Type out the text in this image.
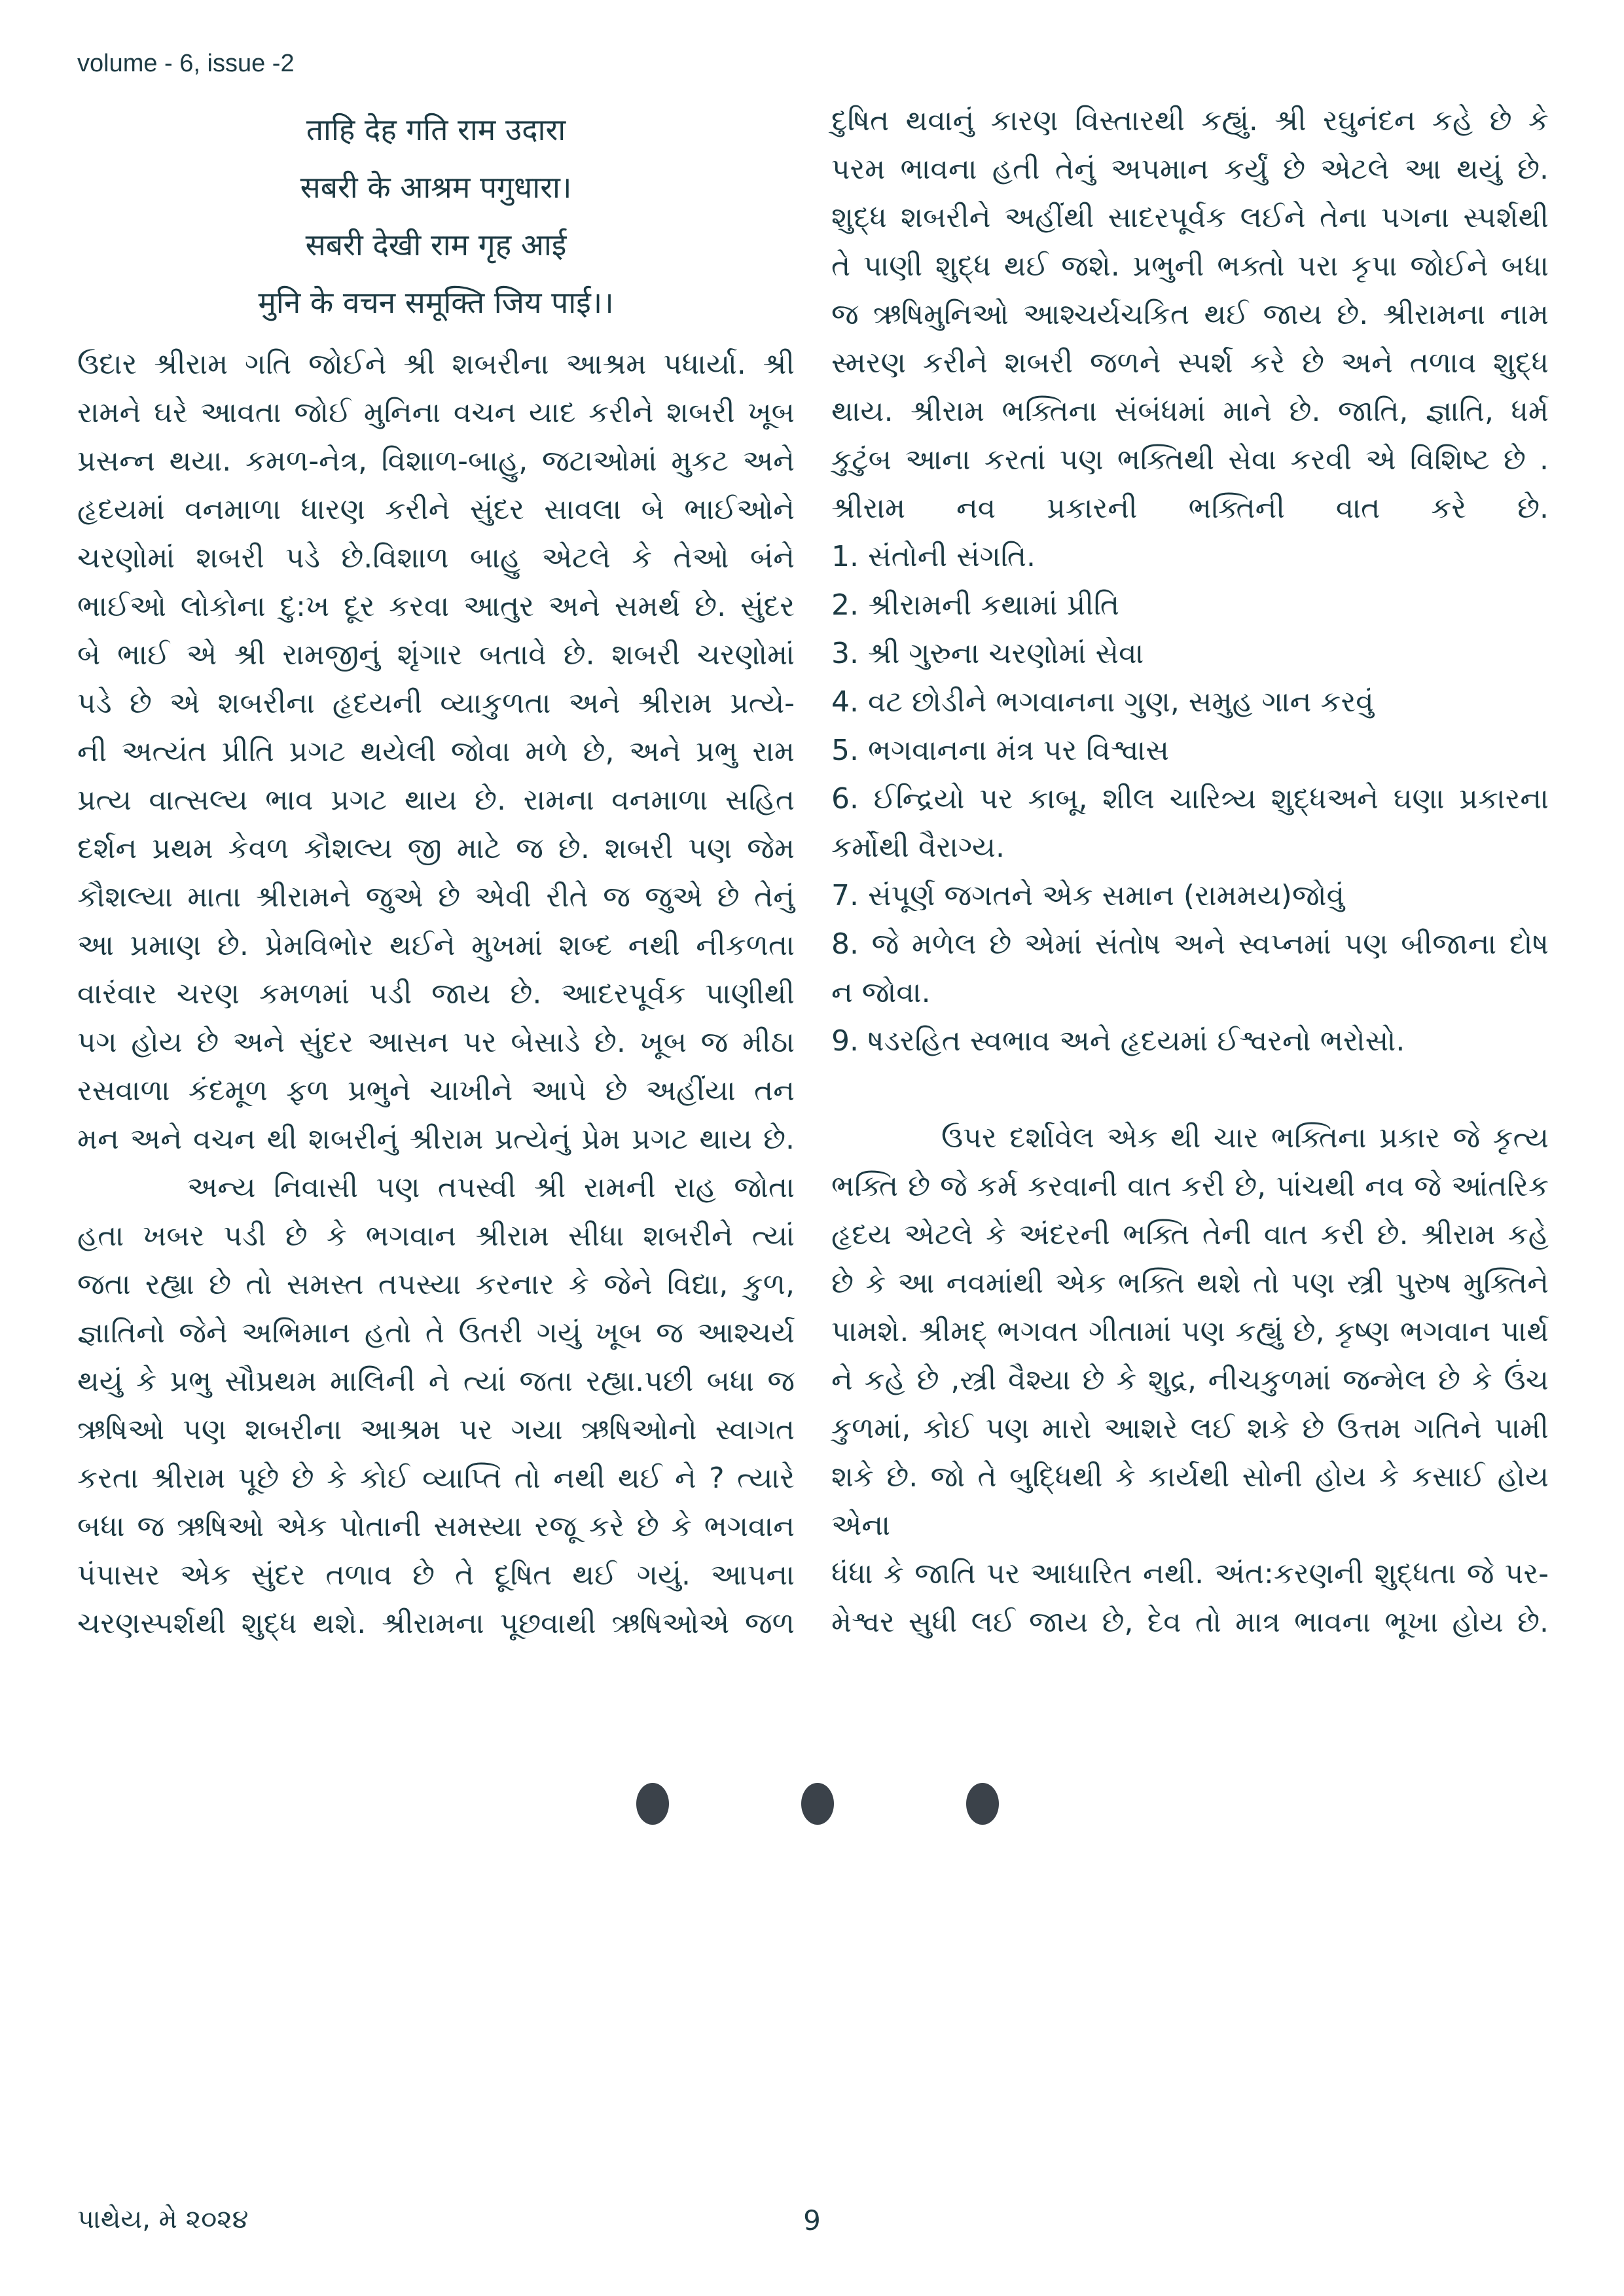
volume - 6, issue -2
ताहि देह गति राम उदारा
सबरी के आश्रम पगुधारा।
सबरी देखी राम गृह आई
मुनि के वचन समूक्ति जिय पाई।।
ઉદાર શ્રીરામ ગતિ જોઈને શ્રી શબરીના આશ્રમ પધાર્યા. શ્રી
રામને ઘરે આવતા જોઈ મુનિના વચન યાદ કરીને શબરી ખૂબ
પ્રસન્ન થયા. કમળ-નેત્ર, વિશાળ-બાહુ, જટાઓમાં મુકટ અને
હૃદયમાં વનમાળા ધારણ કરીને સુંદર સાવલા બે ભાઈઓને
ચરણોમાં શબરી પડે છે.વિશાળ બાહુ એટલે કે તેઓ બંને
ભાઈઓ લોકોના દુ:ખ દૂર કરવા આતુર અને સમર્થ છે. સુંદર
બે ભાઈ એ શ્રી રામજીનું શૃંગાર બતાવે છે. શબરી ચરણોમાં
પડે છે એ શબરીના હૃદયની વ્યાકુળતા અને શ્રીરામ પ્રત્યે-
ની અત્યંત પ્રીતિ પ્રગટ થયેલી જોવા મળે છે, અને પ્રભુ રામ
પ્રત્ય વાત્સલ્ય ભાવ પ્રગટ થાય છે. રામના વનમાળા સહિત
દર્શન પ્રથમ કેવળ કૌશલ્ય જી માટે જ છે. શબરી પણ જેમ
કૌશલ્યા માતા શ્રીરામને જુએ છે એવી રીતે જ જુએ છે તેનું
આ પ્રમાણ છે. પ્રેમવિભોર થઈને મુખમાં શબ્દ નથી નીકળતા
વારંવાર ચરણ કમળમાં પડી જાય છે. આદરપૂર્વક પાણીથી
પગ હોય છે અને સુંદર આસન પર બેસાડે છે. ખૂબ જ મીઠા
રસવાળા કંદમૂળ ફળ પ્રભુને ચાખીને આપે છે અહીંયા તન
મન અને વચન થી શબરીનું શ્રીરામ પ્રત્યેનું પ્રેમ પ્રગટ થાય છે.
અન્ય નિવાસી પણ તપસ્વી શ્રી રામની રાહ જોતા
હતા ખબર પડી છે કે ભગવાન શ્રીરામ સીધા શબરીને ત્યાં
જતા રહ્યા છે તો સમસ્ત તપસ્યા કરનાર કે જેને વિદ્યા, કુળ,
જ્ઞાતિનો જેને અભિમાન હતો તે ઉતરી ગયું ખૂબ જ આશ્ચર્ય
થયું કે પ્રભુ સૌપ્રથમ માલિની ને ત્યાં જતા રહ્યા.પછી બધા જ
ઋષિઓ પણ શબરીના આશ્રમ પર ગયા ઋષિઓનો સ્વાગત
કરતા શ્રીરામ પૂછે છે કે કોઈ વ્યાપ્તિ તો નથી થઈ ને ? ત્યારે
બધા જ ઋષિઓ એક પોતાની સમસ્યા રજૂ કરે છે કે ભગવાન
પંપાસર એક સુંદર તળાવ છે તે દૂષિત થઈ ગયું. આપના
ચરણસ્પર્શથી શુદ્ધ થશે. શ્રીરામના પૂછવાથી ઋષિઓએ જળ
દુષિત થવાનું કારણ વિસ્તારથી કહ્યું. શ્રી રઘુનંદન કહે છે કે
પરમ ભાવના હતી તેનું અપમાન કર્યું છે એટલે આ થયું છે.
શુદ્ધ શબરીને અહીંથી સાદરપૂર્વક લઈને તેના પગના સ્પર્શથી
તે પાણી શુદ્ધ થઈ જશે. પ્રભુની ભક્તો પરા કૃપા જોઈને બધા
જ ઋષિમુનિઓ આશ્ચર્યચકિત થઈ જાય છે. શ્રીરામના નામ
સ્મરણ કરીને શબરી જળને સ્પર્શ કરે છે અને તળાવ શુદ્ધ
થાય. શ્રીરામ ભક્તિના સંબંધમાં માને છે. જાતિ, જ્ઞાતિ, ધર્મ
કુટુંબ આના કરતાં પણ ભક્તિથી સેવા કરવી એ વિશિષ્ટ છે .
શ્રીરામ નવ પ્રકારની ભક્તિની વાત કરે છે.
1. સંતોની સંગતિ.
2. શ્રીરામની કથામાં પ્રીતિ
3. શ્રી ગુરુના ચરણોમાં સેવા
4. વટ છોડીને ભગવાનના ગુણ, સમુહ ગાન કરવું
5. ભગવાનના મંત્ર પર વિશ્વાસ
6. ઈન્દ્રિયો પર કાબૂ, શીલ ચારિત્ર્ય શુદ્ધઅને ઘણા પ્રકારના
કર્મોથી વૈરાગ્ય.
7. સંપૂર્ણ જગતને એક સમાન (રામમય)જોવું
8. જે મળેલ છે એમાં સંતોષ અને સ્વપ્નમાં પણ બીજાના દોષ
ન જોવા.
9. ષડરહિત સ્વભાવ અને હૃદયમાં ઈશ્વરનો ભરોસો.
ઉપર દર્શાવેલ એક થી ચાર ભક્તિના પ્રકાર જે કૃત્ય
ભક્તિ છે જે કર્મ કરવાની વાત કરી છે, પાંચથી નવ જે આંતરિક
હૃદય એટલે કે અંદરની ભક્તિ તેની વાત કરી છે. શ્રીરામ કહે
છે કે આ નવમાંથી એક ભક્તિ થશે તો પણ સ્ત્રી પુરુષ મુક્તિને
પામશે. શ્રીમદ્ ભગવત ગીતામાં પણ કહ્યું છે, કૃષ્ણ ભગવાન પાર્થ
ને કહે છે ,સ્ત્રી વૈશ્યા છે કે શુદ્ર, નીચકુળમાં જન્મેલ છે કે ઉંચ
કુળમાં, કોઈ પણ મારો આશરે લઈ શકે છે ઉત્તમ ગતિને પામી
શકે છે. જો તે બુદ્ધિથી કે કાર્યથી સોની હોય કે કસાઈ હોય એના
ધંધા કે જાતિ પર આધારિત નથી. અંત:કરણની શુદ્ધતા જે પર-
મેશ્વર સુધી લઈ જાય છે, દેવ તો માત્ર ભાવના ભૂખા હોય છે.
પાથેય, મે ૨૦૨૪	9
